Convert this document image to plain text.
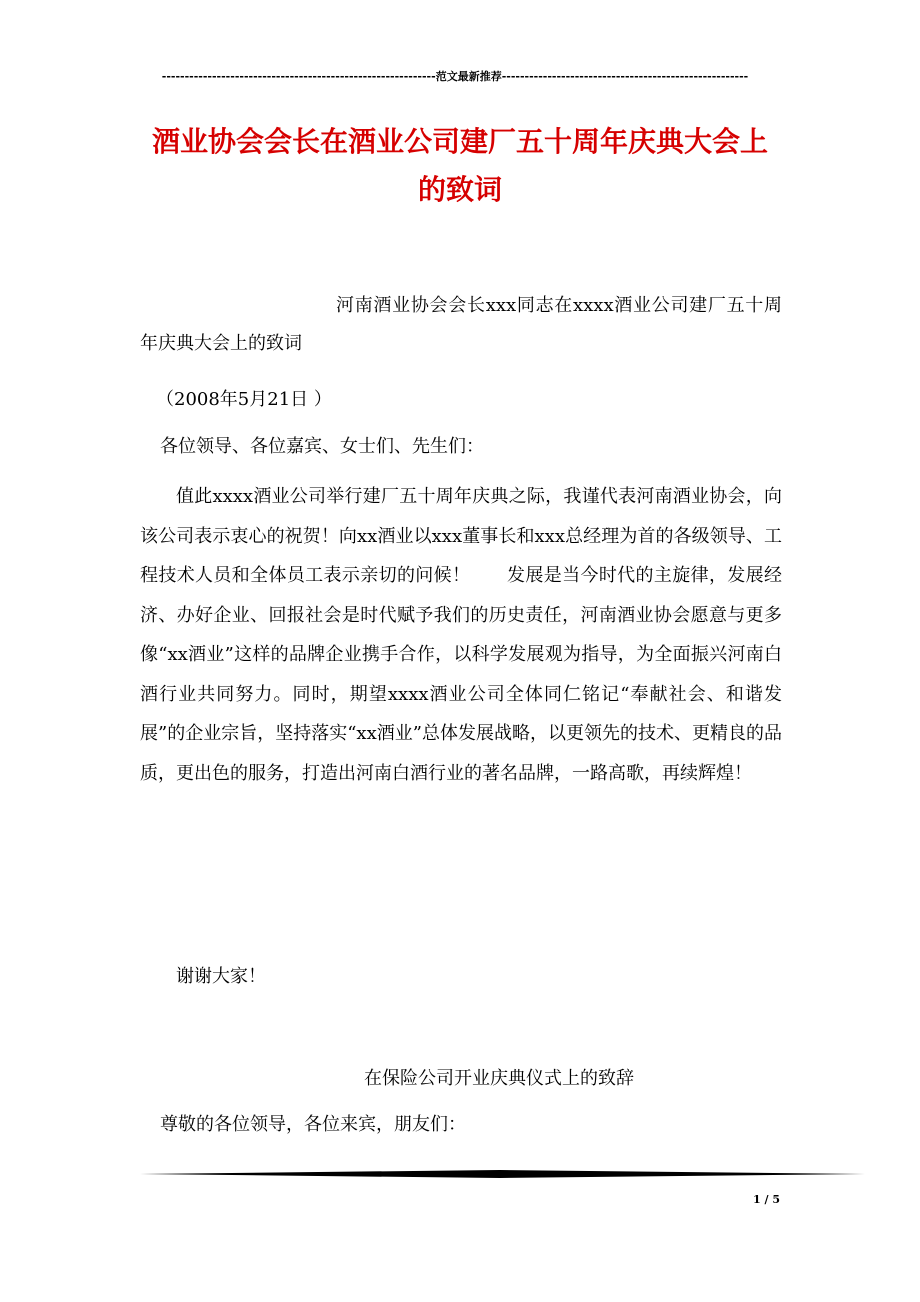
------------------------------------------------------------范文最新推荐------------------------------------------------------
酒业协会会长在酒业公司建厂五十周年庆典大会上
的致词
河南酒业协会会长xxx同志在xxxx酒业公司建厂五十周年庆典大会上的致词
（2008年5月21日 ）
各位领导、各位嘉宾、女士们、先生们：
值此xxxx酒业公司举行建厂五十周年庆典之际，我谨代表河南酒业协会，向该公司表示衷心的祝贺！向xx酒业以xxx董事长和xxx总经理为首的各级领导、工程技术人员和全体员工表示亲切的问候！　　发展是当今时代的主旋律，发展经济、办好企业、回报社会是时代赋予我们的历史责任，河南酒业协会愿意与更多像“xx酒业”这样的品牌企业携手合作，以科学发展观为指导，为全面振兴河南白酒行业共同努力。同时，期望xxxx酒业公司全体同仁铭记“奉献社会、和谐发展”的企业宗旨，坚持落实“xx酒业”总体发展战略，以更领先的技术、更精良的品质，更出色的服务，打造出河南白酒行业的著名品牌，一路高歌，再续辉煌！
谢谢大家！
在保险公司开业庆典仪式上的致辞
尊敬的各位领导，各位来宾，朋友们：
1 / 5
